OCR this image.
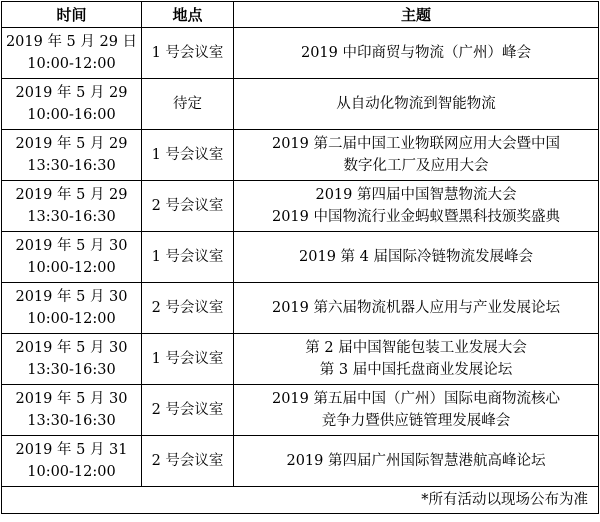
时间	地点	主题

2019 年 5 月 29 日
10:00-12:00	1 号会议室	2019 中印商贸与物流（广州）峰会

2019 年 5 月 29
10:00-16:00	待定	从自动化物流到智能物流

2019 年 5 月 29
13:30-16:30	1 号会议室	2019 第二届中国工业物联网应用大会暨中国
数字化工厂及应用大会

2019 年 5 月 29
13:30-16:30	2 号会议室	2019 第四届中国智慧物流大会
2019 中国物流行业金蚂蚁暨黑科技颁奖盛典

2019 年 5 月 30
10:00-12:00	1 号会议室	2019 第 4 届国际冷链物流发展峰会

2019 年 5 月 30
10:00-12:00	2 号会议室	2019 第六届物流机器人应用与产业发展论坛

2019 年 5 月 30
13:30-16:30	1 号会议室	第 2 届中国智能包装工业发展大会
第 3 届中国托盘商业发展论坛

2019 年 5 月 30
13:30-16:30	2 号会议室	2019 第五届中国（广州）国际电商物流核心
竞争力暨供应链管理发展峰会

2019 年 5 月 31
10:00-12:00	2 号会议室	2019 第四届广州国际智慧港航高峰论坛

*所有活动以现场公布为准		
